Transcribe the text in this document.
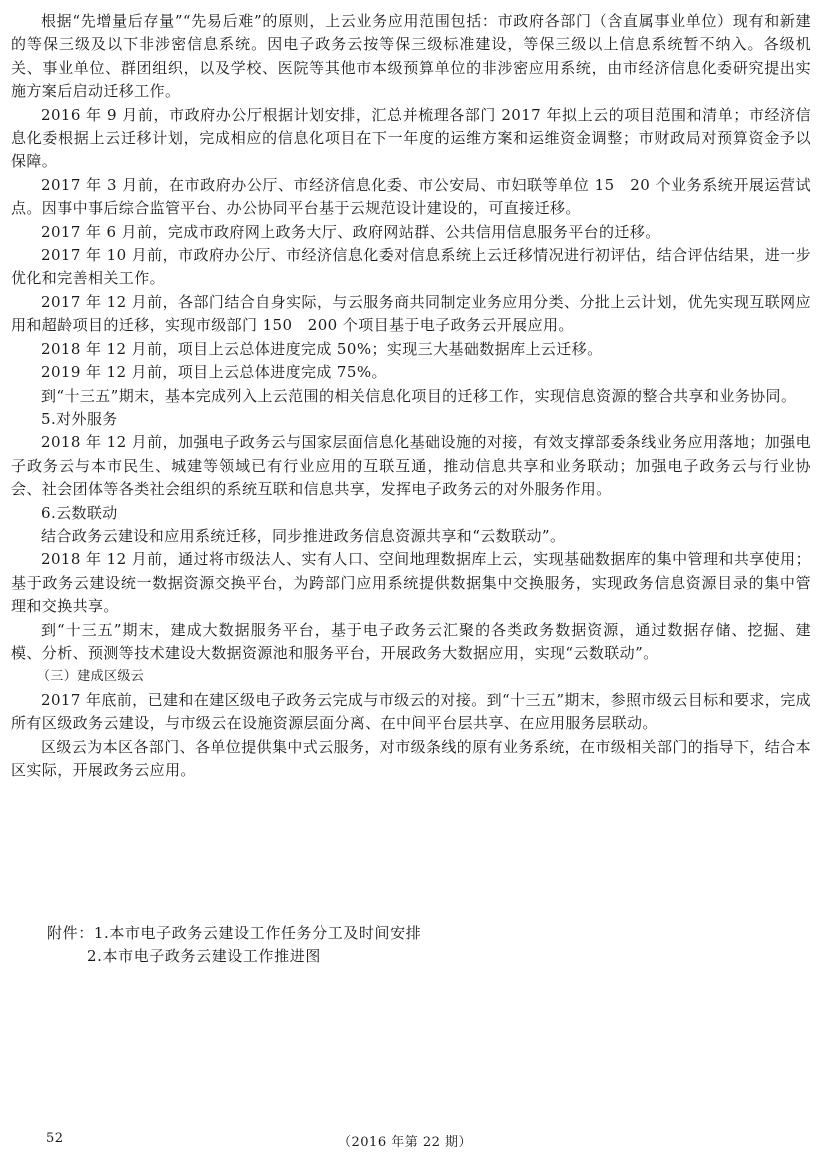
根据“先增量后存量”“先易后难”的原则，上云业务应用范围包括：市政府各部门（含直属事业单位）现有和新建的等保三级及以下非涉密信息系统。因电子政务云按等保三级标准建设，等保三级以上信息系统暂不纳入。各级机关、事业单位、群团组织，以及学校、医院等其他市本级预算单位的非涉密应用系统，由市经济信息化委研究提出实施方案后启动迁移工作。

2016 年 9 月前，市政府办公厅根据计划安排，汇总并梳理各部门 2017 年拟上云的项目范围和清单；市经济信息化委根据上云迁移计划，完成相应的信息化项目在下一年度的运维方案和运维资金调整；市财政局对预算资金予以保障。

2017 年 3 月前，在市政府办公厅、市经济信息化委、市公安局、市妇联等单位 15　20 个业务系统开展运营试点。因事中事后综合监管平台、办公协同平台基于云规范设计建设的，可直接迁移。

2017 年 6 月前，完成市政府网上政务大厅、政府网站群、公共信用信息服务平台的迁移。

2017 年 10 月前，市政府办公厅、市经济信息化委对信息系统上云迁移情况进行初评估，结合评估结果，进一步优化和完善相关工作。

2017 年 12 月前，各部门结合自身实际，与云服务商共同制定业务应用分类、分批上云计划，优先实现互联网应用和超龄项目的迁移，实现市级部门 150　200 个项目基于电子政务云开展应用。

2018 年 12 月前，项目上云总体进度完成 50%；实现三大基础数据库上云迁移。

2019 年 12 月前，项目上云总体进度完成 75%。

到“十三五”期末，基本完成列入上云范围的相关信息化项目的迁移工作，实现信息资源的整合共享和业务协同。

5.对外服务

2018 年 12 月前，加强电子政务云与国家层面信息化基础设施的对接，有效支撑部委条线业务应用落地；加强电子政务云与本市民生、城建等领域已有行业应用的互联互通，推动信息共享和业务联动；加强电子政务云与行业协会、社会团体等各类社会组织的系统互联和信息共享，发挥电子政务云的对外服务作用。

6.云数联动

结合政务云建设和应用系统迁移，同步推进政务信息资源共享和“云数联动”。

2018 年 12 月前，通过将市级法人、实有人口、空间地理数据库上云，实现基础数据库的集中管理和共享使用；基于政务云建设统一数据资源交换平台，为跨部门应用系统提供数据集中交换服务，实现政务信息资源目录的集中管理和交换共享。

到“十三五”期末，建成大数据服务平台，基于电子政务云汇聚的各类政务数据资源，通过数据存储、挖掘、建模、分析、预测等技术建设大数据资源池和服务平台，开展政务大数据应用，实现“云数联动”。

（三）建成区级云

2017 年底前，已建和在建区级电子政务云完成与市级云的对接。到“十三五”期末，参照市级云目标和要求，完成所有区级政务云建设，与市级云在设施资源层面分离、在中间平台层共享、在应用服务层联动。

区级云为本区各部门、各单位提供集中式云服务，对市级条线的原有业务系统，在市级相关部门的指导下，结合本区实际，开展政务云应用。

附件： 1.本市电子政务云建设工作任务分工及时间安排
2.本市电子政务云建设工作推进图
52	（2016 年第 22 期）
